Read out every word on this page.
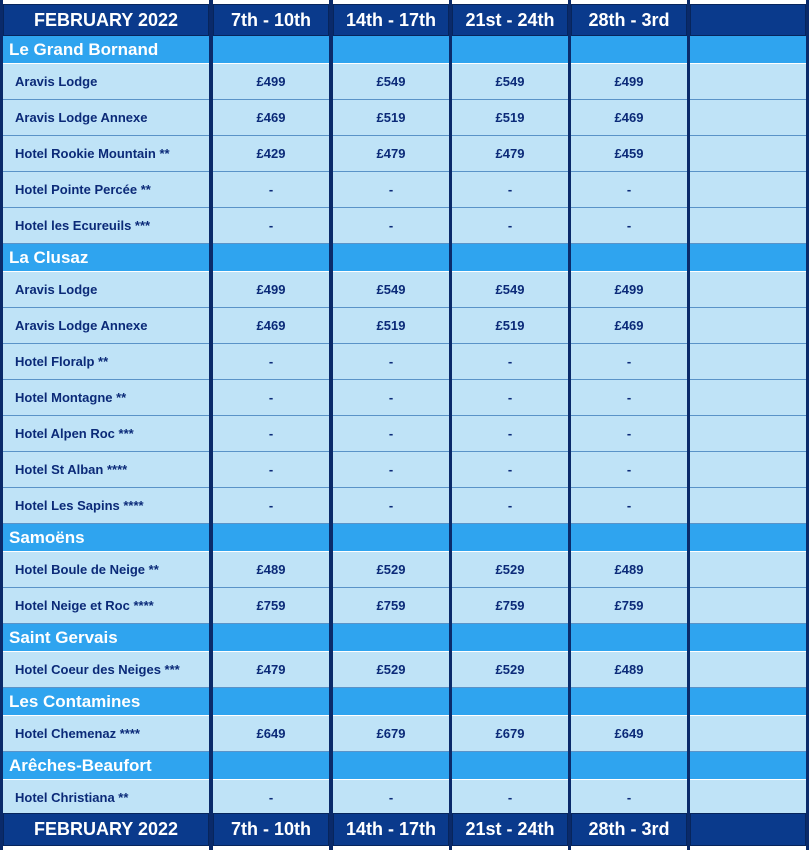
FEBRUARY 2022	7th - 10th	14th - 17th	21st - 24th	28th - 3rd
Le Grand Bornand
Aravis Lodge	£499	£549	£549	£499
Aravis Lodge Annexe	£469	£519	£519	£469
Hotel Rookie Mountain **	£429	£479	£479	£459
Hotel Pointe Percée **	-	-	-	-
Hotel les Ecureuils ***	-	-	-	-
La Clusaz
Aravis Lodge	£499	£549	£549	£499
Aravis Lodge Annexe	£469	£519	£519	£469
Hotel Floralp **	-	-	-	-
Hotel Montagne **	-	-	-	-
Hotel Alpen Roc ***	-	-	-	-
Hotel St Alban ****	-	-	-	-
Hotel Les Sapins ****	-	-	-	-
Samoëns
Hotel Boule de Neige **	£489	£529	£529	£489
Hotel Neige et Roc ****	£759	£759	£759	£759
Saint Gervais
Hotel Coeur des Neiges ***	£479	£529	£529	£489
Les Contamines
Hotel Chemenaz ****	£649	£679	£679	£649
Arêches-Beaufort
Hotel Christiana **	-	-	-	-
FEBRUARY 2022	7th - 10th	14th - 17th	21st - 24th	28th - 3rd
